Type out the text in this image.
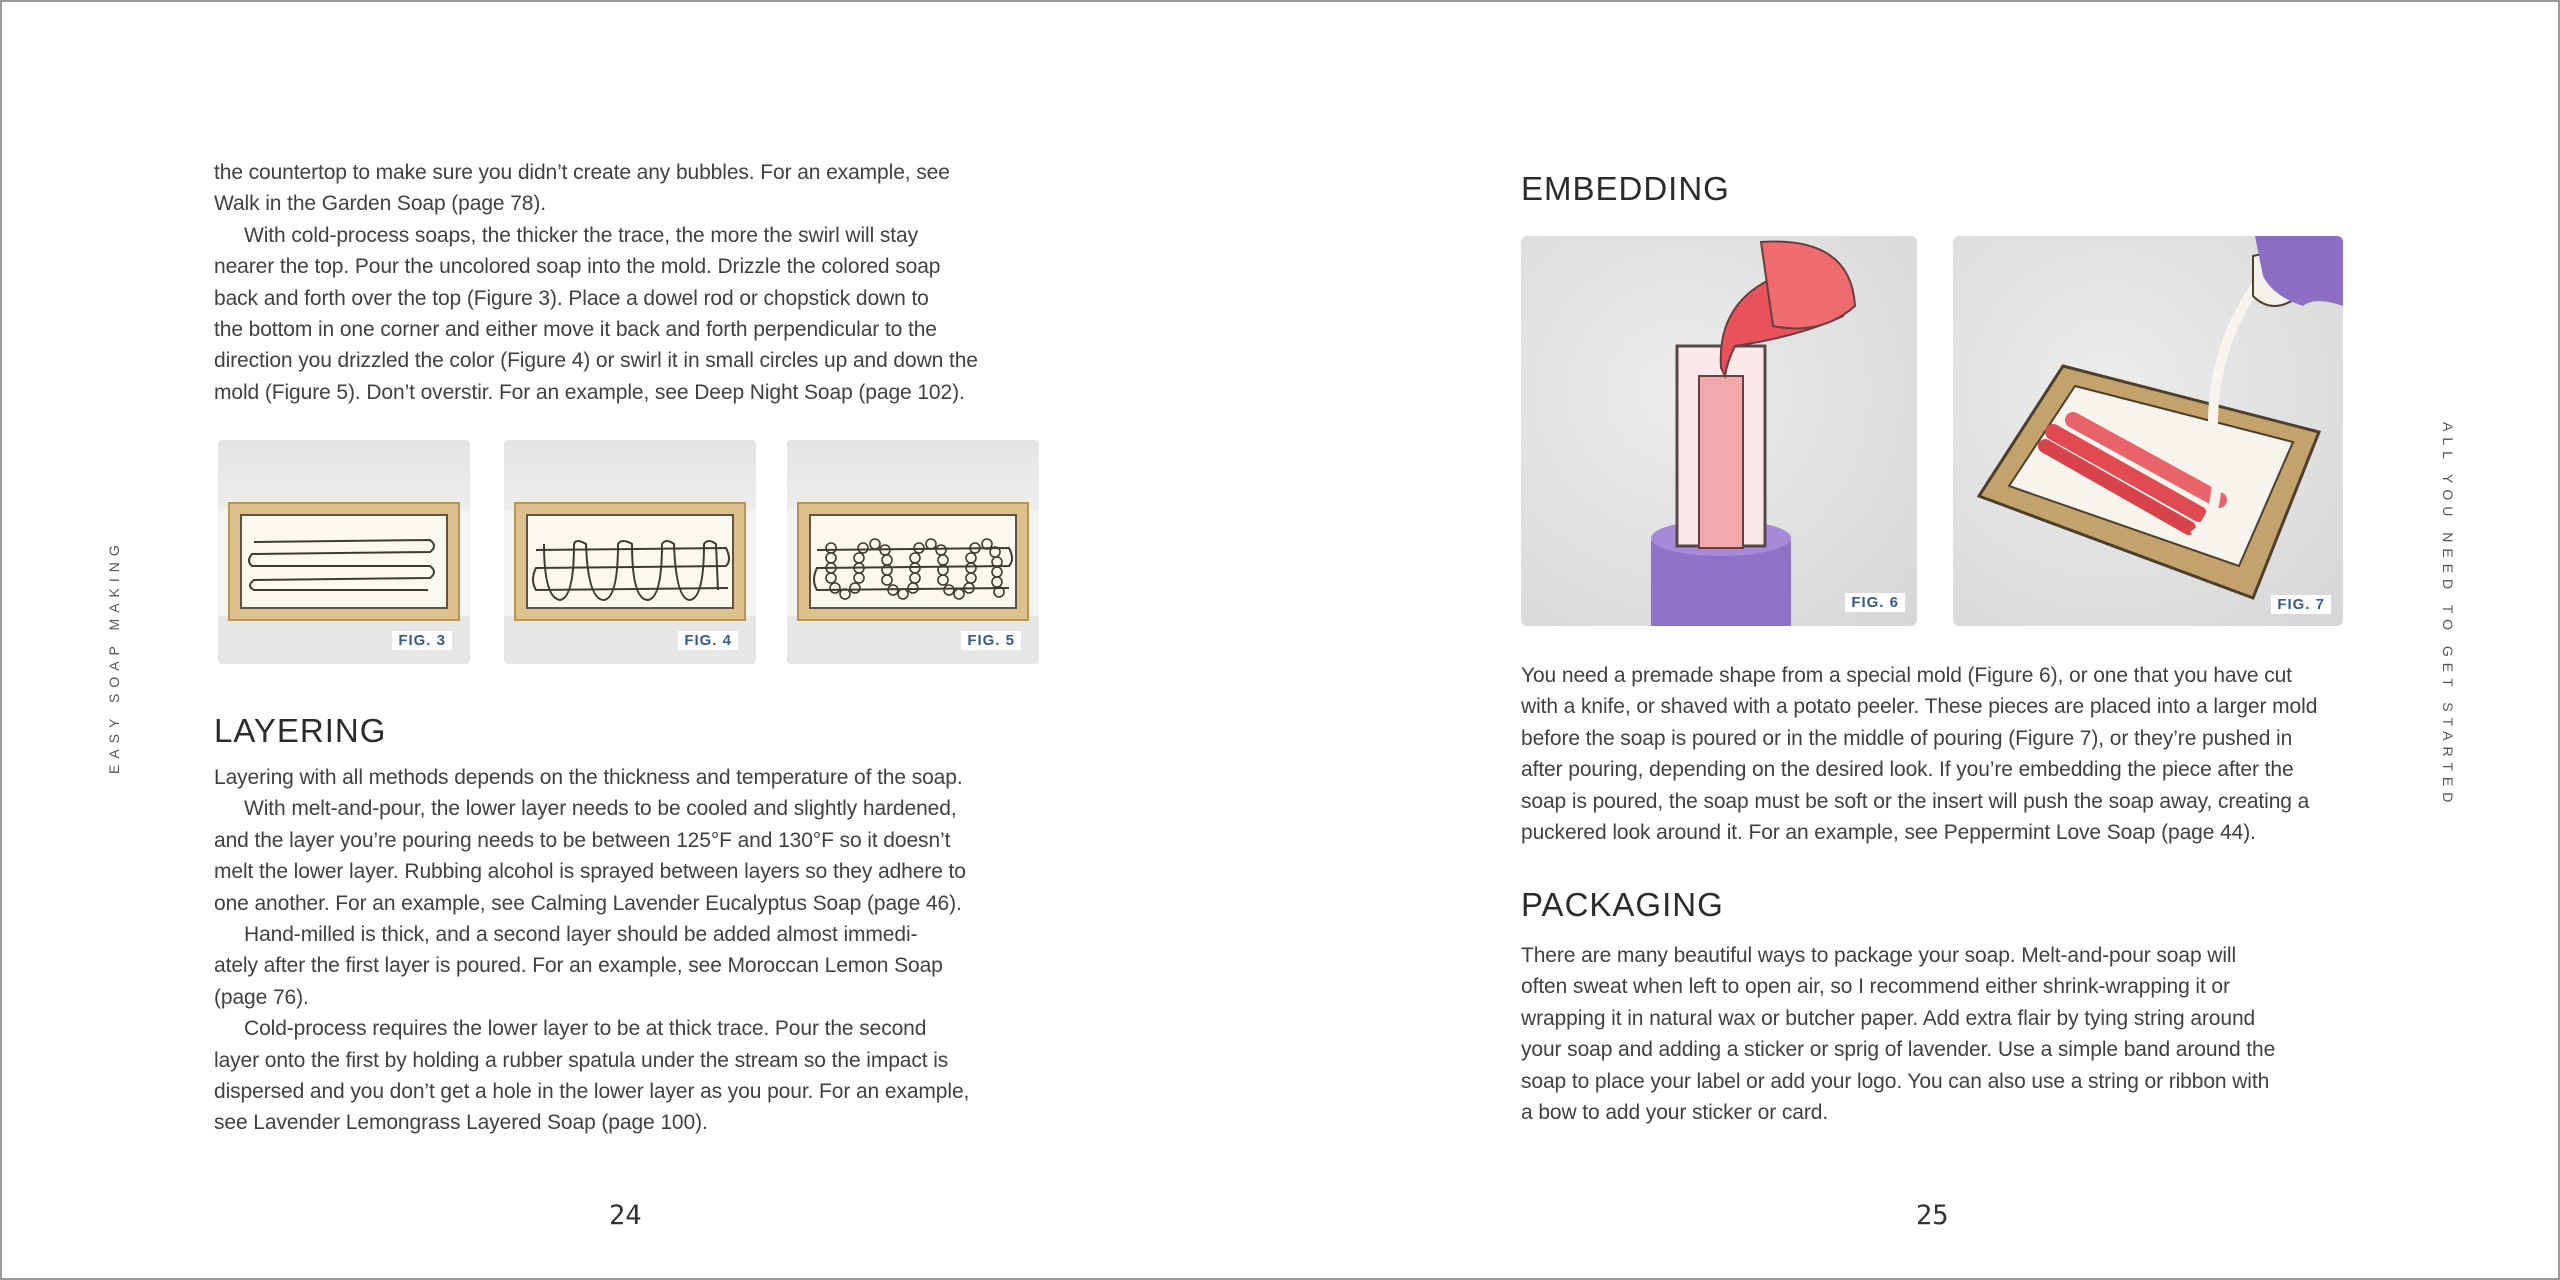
EASY SOAP MAKING

the countertop to make sure you didn’t create any bubbles. For an example, see
Walk in the Garden Soap (page 78).

With cold-process soaps, the thicker the trace, the more the swirl will stay
nearer the top. Pour the uncolored soap into the mold. Drizzle the colored soap
back and forth over the top (Figure 3). Place a dowel rod or chopstick down to
the bottom in one corner and either move it back and forth perpendicular to the
direction you drizzled the color (Figure 4) or swirl it in small circles up and down the
mold (Figure 5). Don’t overstir. For an example, see Deep Night Soap (page 102).

FIG. 3	FIG. 4	FIG. 5
LAYERING

Layering with all methods depends on the thickness and temperature of the soap.

With melt-and-pour, the lower layer needs to be cooled and slightly hardened,
and the layer you’re pouring needs to be between 125°F and 130°F so it doesn’t
melt the lower layer. Rubbing alcohol is sprayed between layers so they adhere to
one another. For an example, see Calming Lavender Eucalyptus Soap (page 46).

Hand-milled is thick, and a second layer should be added almost immedi-
ately after the first layer is poured. For an example, see Moroccan Lemon Soap
(page 76).

Cold-process requires the lower layer to be at thick trace. Pour the second
layer onto the first by holding a rubber spatula under the stream so the impact is
dispersed and you don’t get a hole in the lower layer as you pour. For an example,
see Lavender Lemongrass Layered Soap (page 100).

24
ALL YOU NEED TO GET STARTED
EMBEDDING
FIG. 6	FIG. 7

You need a premade shape from a special mold (Figure 6), or one that you have cut
with a knife, or shaved with a potato peeler. These pieces are placed into a larger mold
before the soap is poured or in the middle of pouring (Figure 7), or they’re pushed in
after pouring, depending on the desired look. If you’re embedding the piece after the
soap is poured, the soap must be soft or the insert will push the soap away, creating a
puckered look around it. For an example, see Peppermint Love Soap (page 44).

PACKAGING

There are many beautiful ways to package your soap. Melt-and-pour soap will
often sweat when left to open air, so I recommend either shrink-wrapping it or
wrapping it in natural wax or butcher paper. Add extra flair by tying string around
your soap and adding a sticker or sprig of lavender. Use a simple band around the
soap to place your label or add your logo. You can also use a string or ribbon with
a bow to add your sticker or card.

25
